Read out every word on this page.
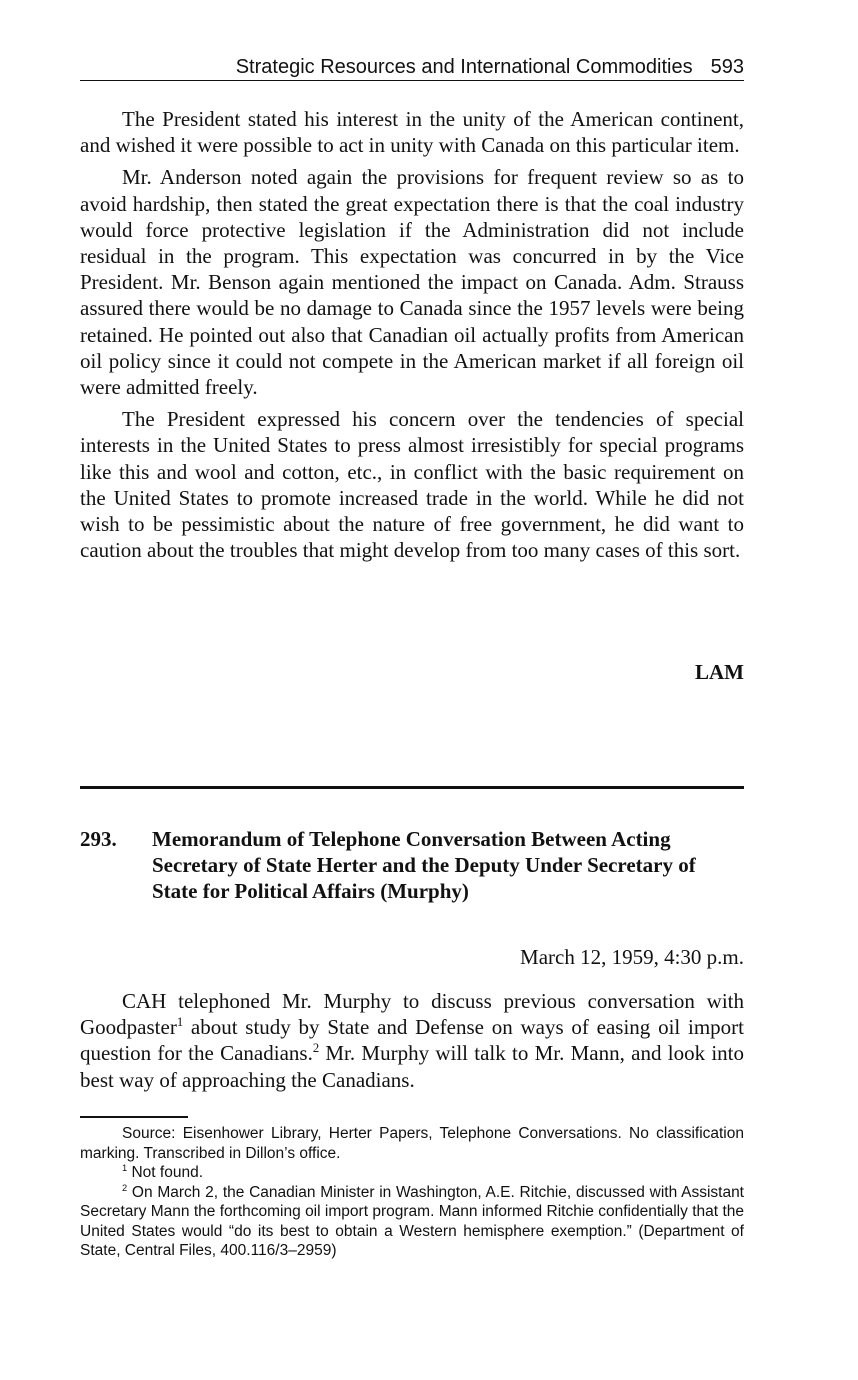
Strategic Resources and International Commodities 593

The President stated his interest in the unity of the American continent, and wished it were possible to act in unity with Canada on this particular item.

Mr. Anderson noted again the provisions for frequent review so as to avoid hardship, then stated the great expectation there is that the coal industry would force protective legislation if the Administration did not include residual in the program. This expectation was concurred in by the Vice President. Mr. Benson again mentioned the impact on Canada. Adm. Strauss assured there would be no damage to Canada since the 1957 levels were being retained. He pointed out also that Canadian oil actually profits from American oil policy since it could not compete in the American market if all foreign oil were admitted freely.

The President expressed his concern over the tendencies of special interests in the United States to press almost irresistibly for special programs like this and wool and cotton, etc., in conflict with the basic requirement on the United States to promote increased trade in the world. While he did not wish to be pessimistic about the nature of free government, he did want to caution about the troubles that might develop from too many cases of this sort.

LAM
293. Memorandum of Telephone Conversation Between Acting Secretary of State Herter and the Deputy Under Secretary of State for Political Affairs (Murphy)
March 12, 1959, 4:30 p.m.

CAH telephoned Mr. Murphy to discuss previous conversation with Goodpaster$^1$ about study by State and Defense on ways of easing oil import question for the Canadians.$^2$ Mr. Murphy will talk to Mr. Mann, and look into best way of approaching the Canadians.

Source: Eisenhower Library, Herter Papers, Telephone Conversations. No classification marking. Transcribed in Dillon’s office.

$^1$ Not found.

$^2$ On March 2, the Canadian Minister in Washington, A.E. Ritchie, discussed with Assistant Secretary Mann the forthcoming oil import program. Mann informed Ritchie confidentially that the United States would “do its best to obtain a Western hemisphere exemption.” (Department of State, Central Files, 400.116/3–2959)
